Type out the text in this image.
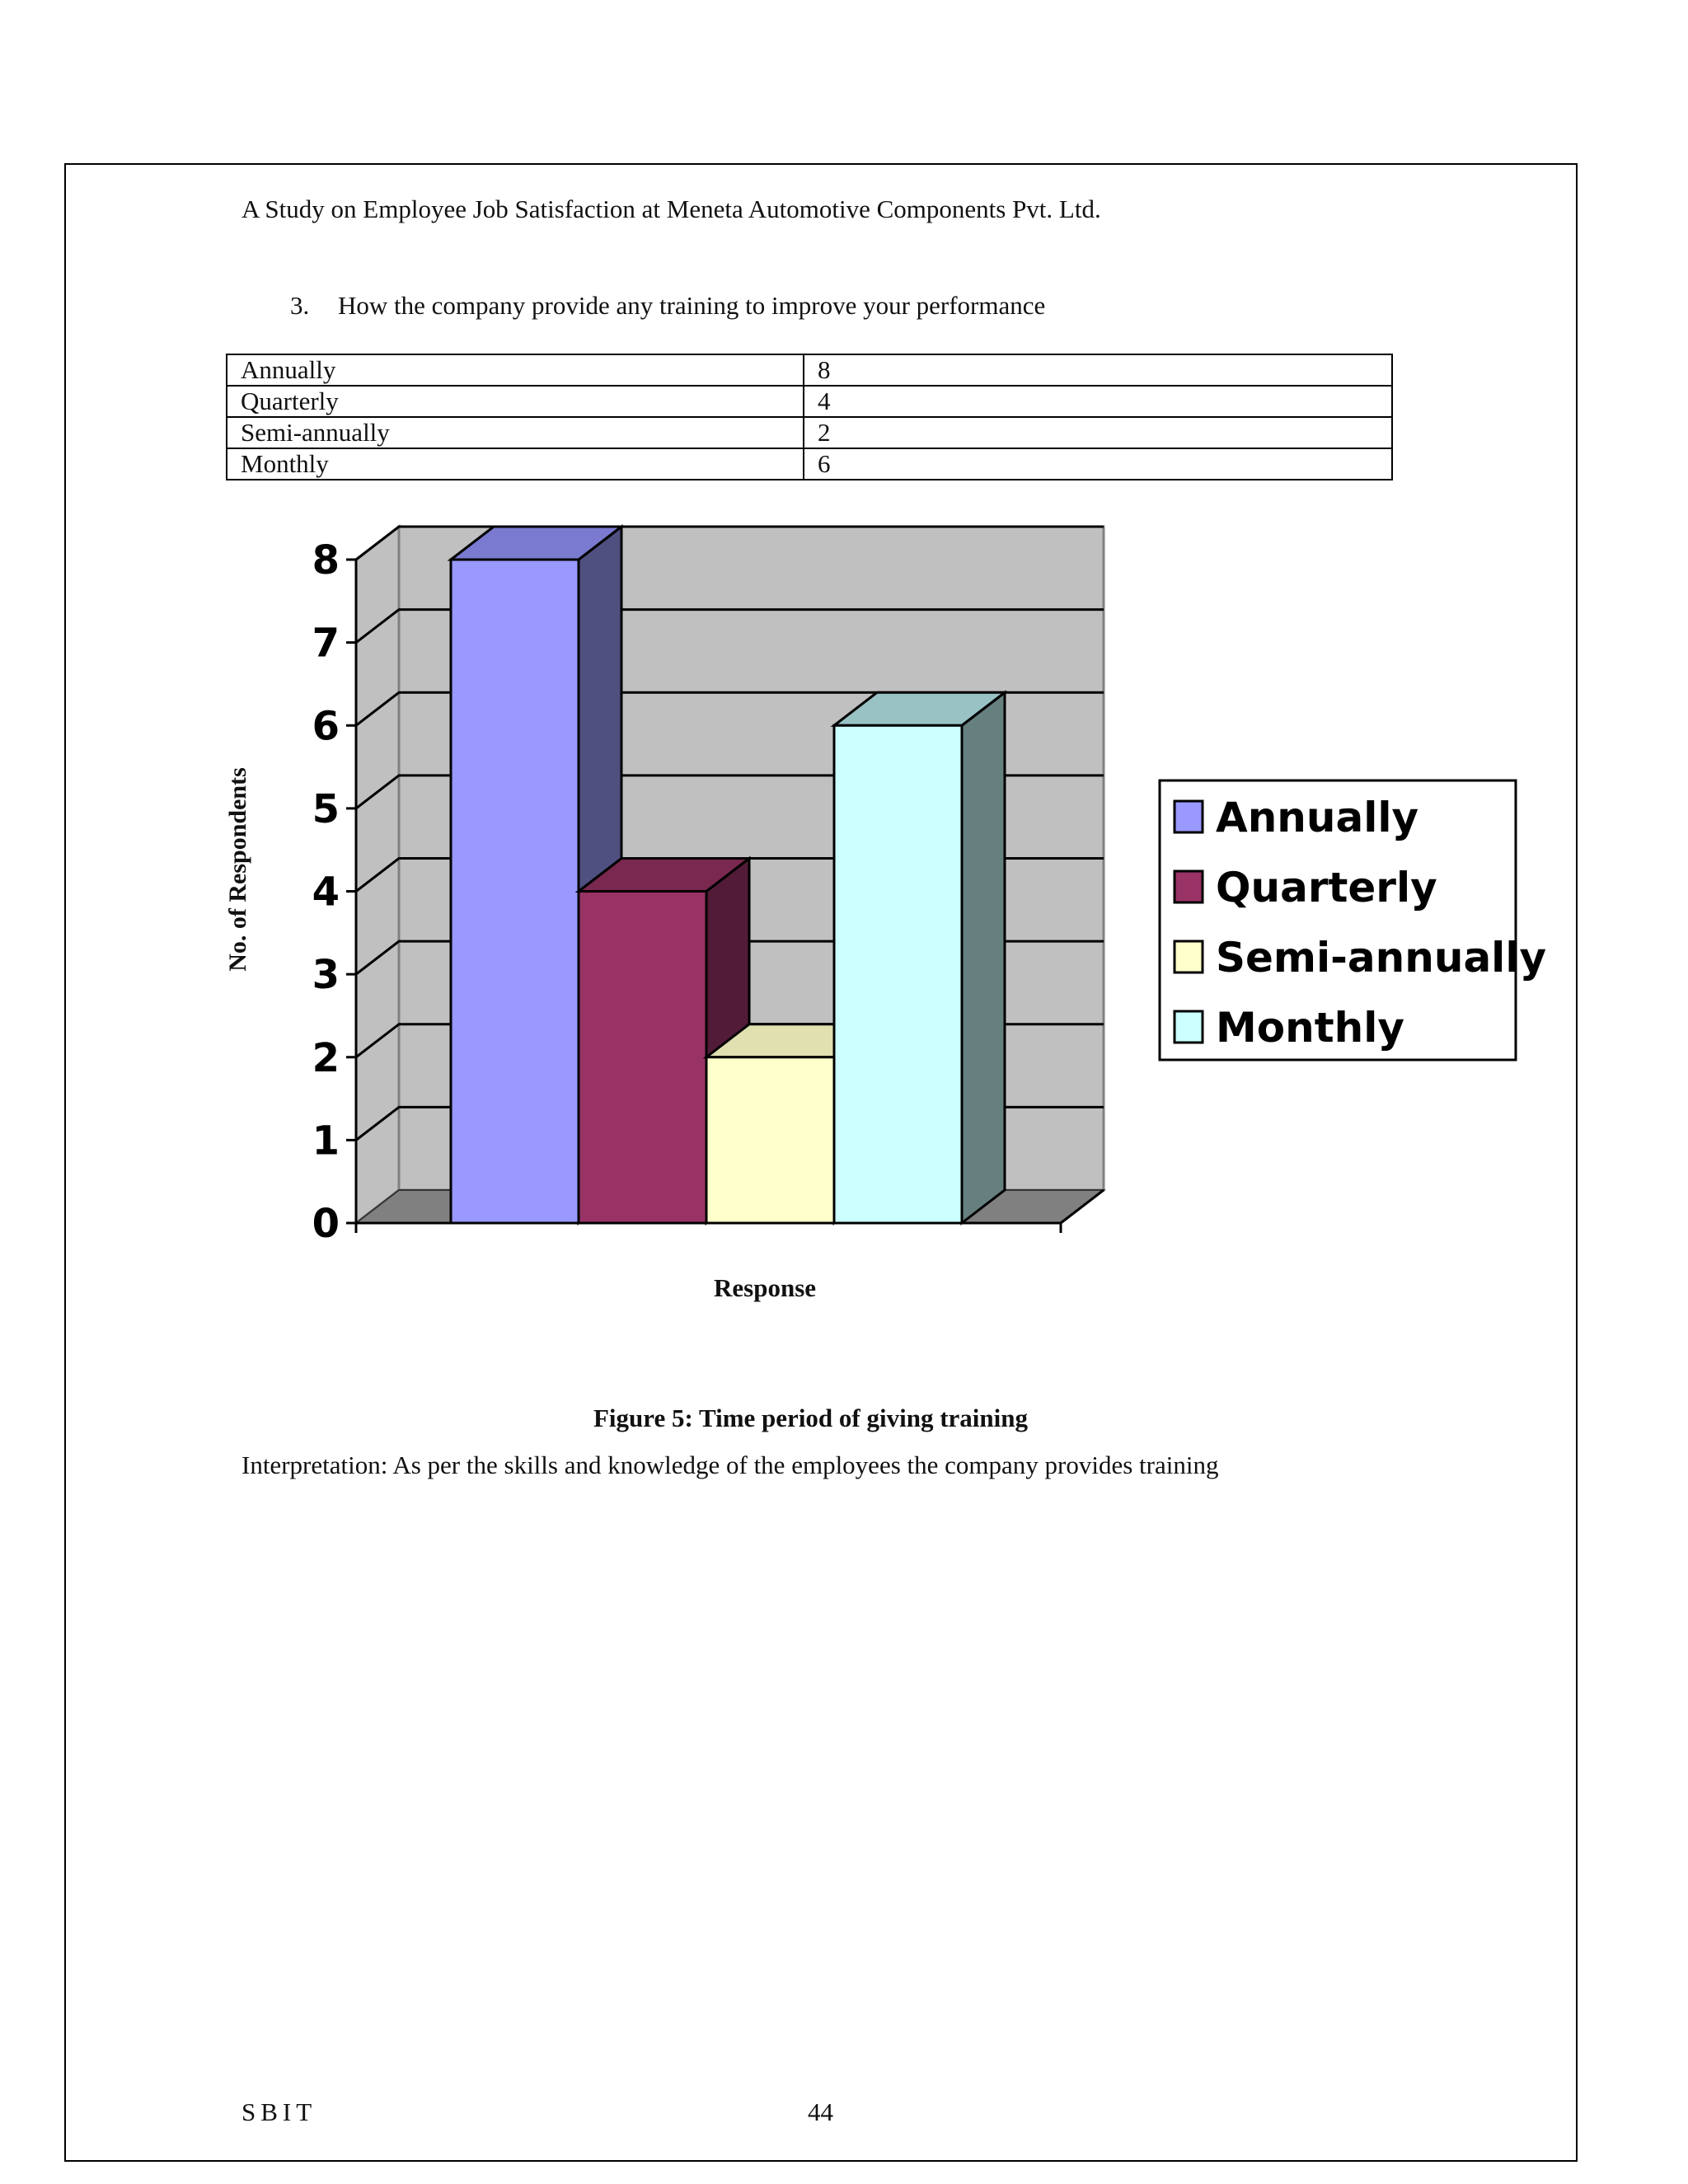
A Study on Employee Job Satisfaction at Meneta Automotive Components Pvt. Ltd.
3. How the company provide any training to improve your performance
Annually	8
Quarterly	4
Semi-annually	2
Monthly	6
0
1
2
3
4
5
6
7
8
Annually
Quarterly
Semi-annually
Monthly
No. of Respondents
Response
Figure 5: Time period of giving training
Interpretation: As per the skills and knowledge of the employees the company provides training
SBIT	44
